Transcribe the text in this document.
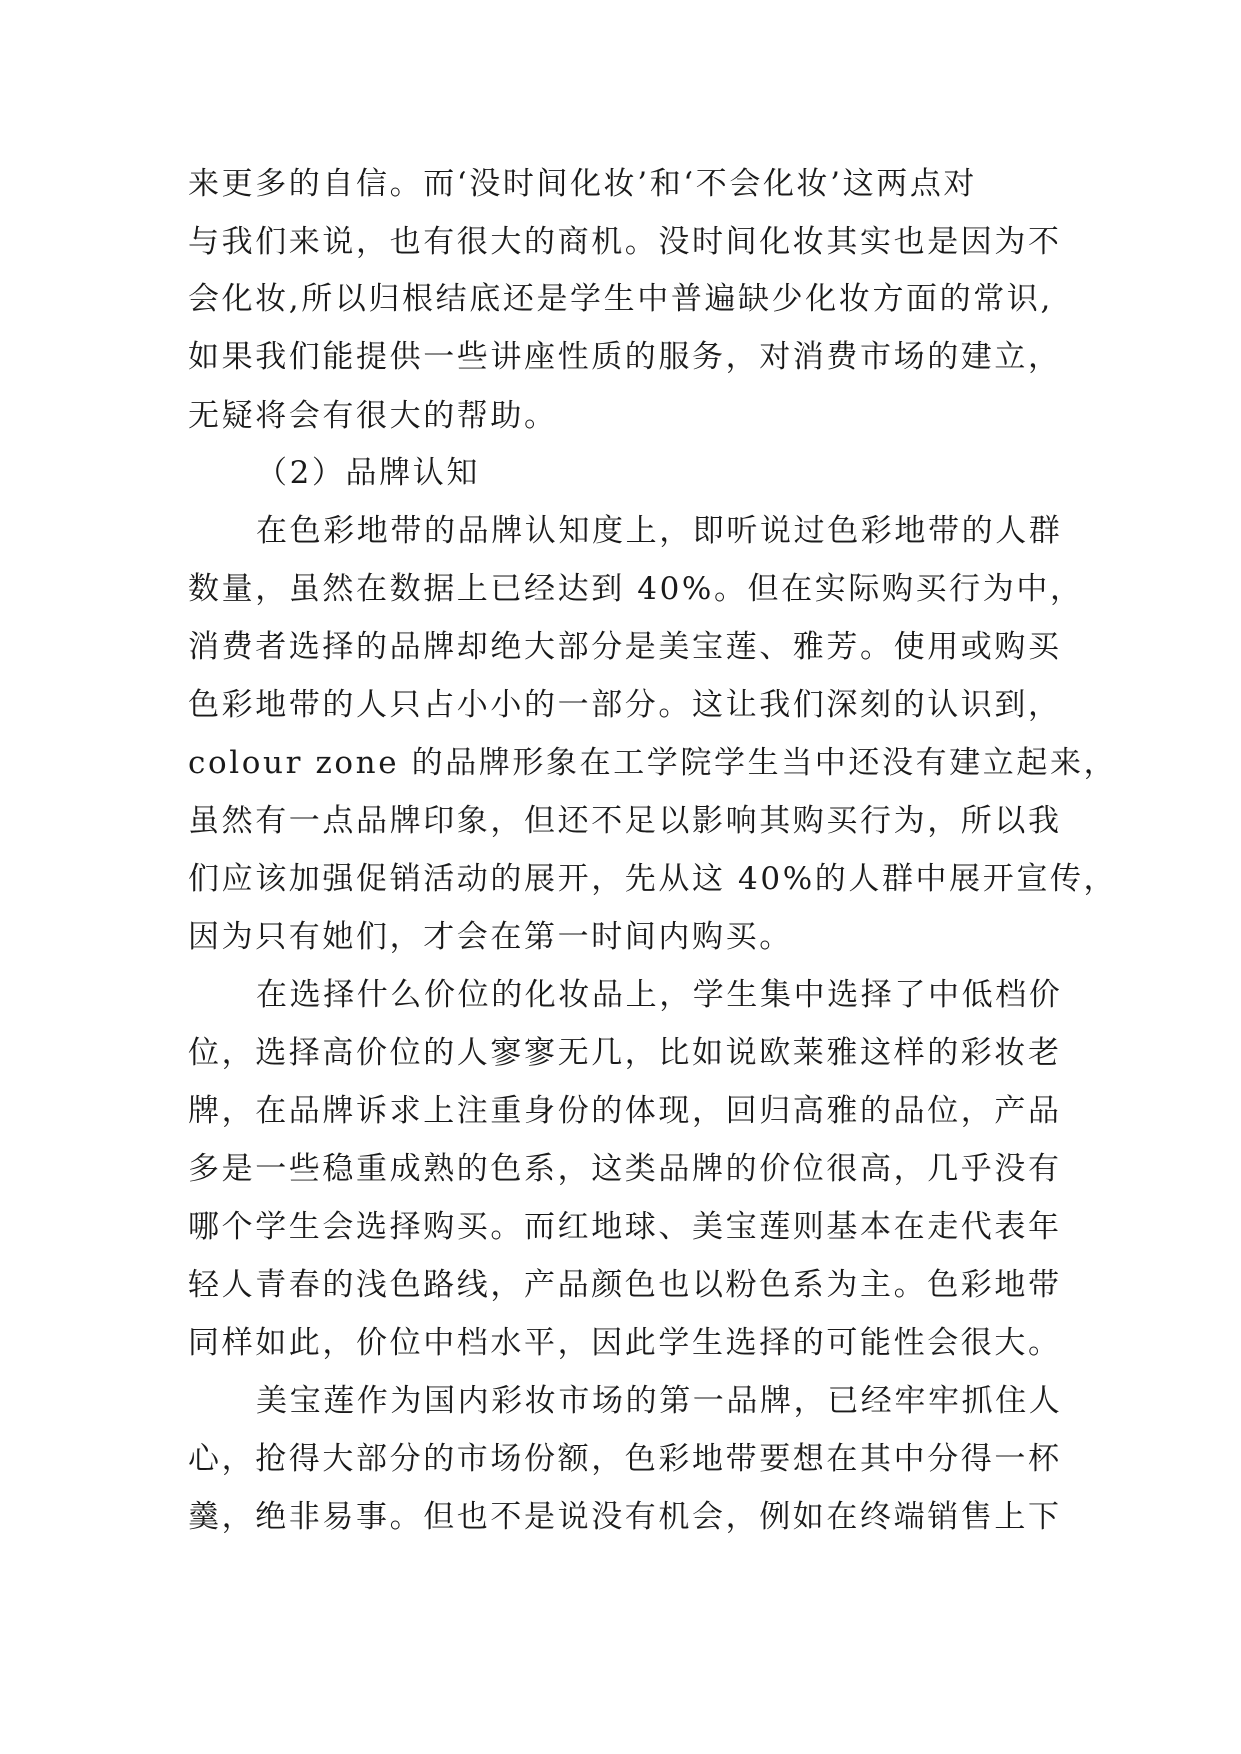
来更多的自信。而‘没时间化妆’和‘不会化妆’这两点对
与我们来说，也有很大的商机。没时间化妆其实也是因为不
会化妆,所以归根结底还是学生中普遍缺少化妆方面的常识,
如果我们能提供一些讲座性质的服务，对消费市场的建立，
无疑将会有很大的帮助。
（2）品牌认知
在色彩地带的品牌认知度上，即听说过色彩地带的人群
数量，虽然在数据上已经达到 40%。但在实际购买行为中，
消费者选择的品牌却绝大部分是美宝莲、雅芳。使用或购买
色彩地带的人只占小小的一部分。这让我们深刻的认识到，
colour zone 的品牌形象在工学院学生当中还没有建立起来，
虽然有一点品牌印象，但还不足以影响其购买行为，所以我
们应该加强促销活动的展开，先从这 40%的人群中展开宣传，
因为只有她们，才会在第一时间内购买。
在选择什么价位的化妆品上，学生集中选择了中低档价
位，选择高价位的人寥寥无几，比如说欧莱雅这样的彩妆老
牌，在品牌诉求上注重身份的体现，回归高雅的品位，产品
多是一些稳重成熟的色系，这类品牌的价位很高，几乎没有
哪个学生会选择购买。而红地球、美宝莲则基本在走代表年
轻人青春的浅色路线，产品颜色也以粉色系为主。色彩地带
同样如此，价位中档水平，因此学生选择的可能性会很大。
美宝莲作为国内彩妆市场的第一品牌，已经牢牢抓住人
心，抢得大部分的市场份额，色彩地带要想在其中分得一杯
羹，绝非易事。但也不是说没有机会，例如在终端销售上下
